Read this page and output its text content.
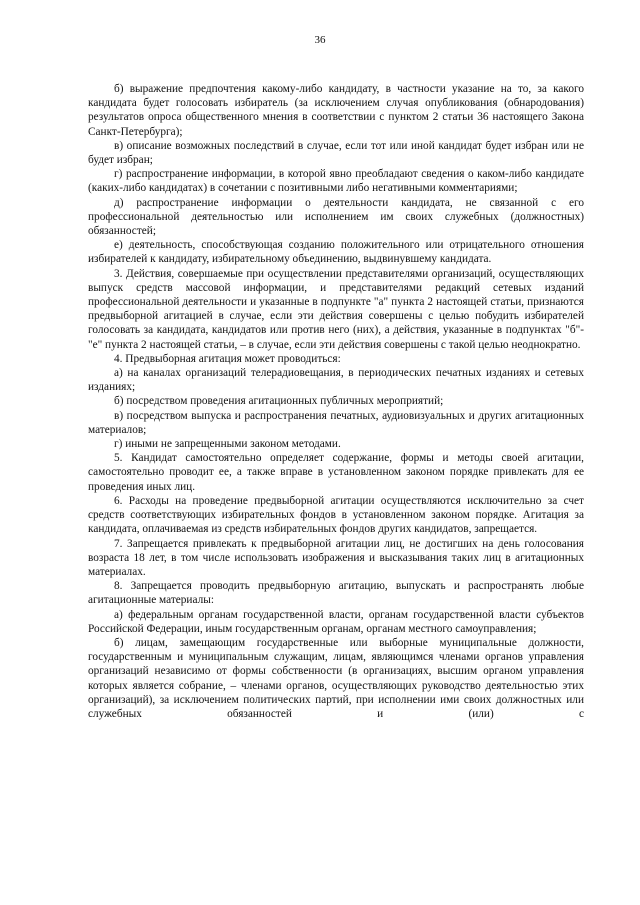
36

б) выражение предпочтения какому-либо кандидату, в частности указание на то, за какого кандидата будет голосовать избиратель (за исключением случая опубликования (обнародования) результатов опроса общественного мнения в соответствии с пунктом 2 статьи 36 настоящего Закона Санкт-Петербурга);

в) описание возможных последствий в случае, если тот или иной кандидат будет избран или не будет избран;

г) распространение информации, в которой явно преобладают сведения о каком-либо кандидате (каких-либо кандидатах) в сочетании с позитивными либо негативными комментариями;

д) распространение информации о деятельности кандидата, не связанной с его профессиональной деятельностью или исполнением им своих служебных (должностных) обязанностей;

е) деятельность, способствующая созданию положительного или отрицательного отношения избирателей к кандидату, избирательному объединению, выдвинувшему кандидата.

3. Действия, совершаемые при осуществлении представителями организаций, осуществляющих выпуск средств массовой информации, и представителями редакций сетевых изданий профессиональной деятельности и указанные в подпункте "а" пункта 2 настоящей статьи, признаются предвыборной агитацией в случае, если эти действия совершены с целью побудить избирателей голосовать за кандидата, кандидатов или против него (них), а действия, указанные в подпунктах "б"-"е" пункта 2 настоящей статьи, – в случае, если эти действия совершены с такой целью неоднократно.

4. Предвыборная агитация может проводиться:

а) на каналах организаций телерадиовещания, в периодических печатных изданиях и сетевых изданиях;

б) посредством проведения агитационных публичных мероприятий;

в) посредством выпуска и распространения печатных, аудиовизуальных и других агитационных материалов;

г) иными не запрещенными законом методами.

5. Кандидат самостоятельно определяет содержание, формы и методы своей агитации, самостоятельно проводит ее, а также вправе в установленном законом порядке привлекать для ее проведения иных лиц.

6. Расходы на проведение предвыборной агитации осуществляются исключительно за счет средств соответствующих избирательных фондов в установленном законом порядке. Агитация за кандидата, оплачиваемая из средств избирательных фондов других кандидатов, запрещается.

7. Запрещается привлекать к предвыборной агитации лиц, не достигших на день голосования возраста 18 лет, в том числе использовать изображения и высказывания таких лиц в агитационных материалах.

8. Запрещается проводить предвыборную агитацию, выпускать и распространять любые агитационные материалы:

а) федеральным органам государственной власти, органам государственной власти субъектов Российской Федерации, иным государственным органам, органам местного самоуправления;

б) лицам, замещающим государственные или выборные муниципальные должности, государственным и муниципальным служащим, лицам, являющимся членами органов управления организаций независимо от формы собственности (в организациях, высшим органом управления которых является собрание, – членами органов, осуществляющих руководство деятельностью этих организаций), за исключением политических партий, при исполнении ими своих должностных или служебных обязанностей и (или) с
